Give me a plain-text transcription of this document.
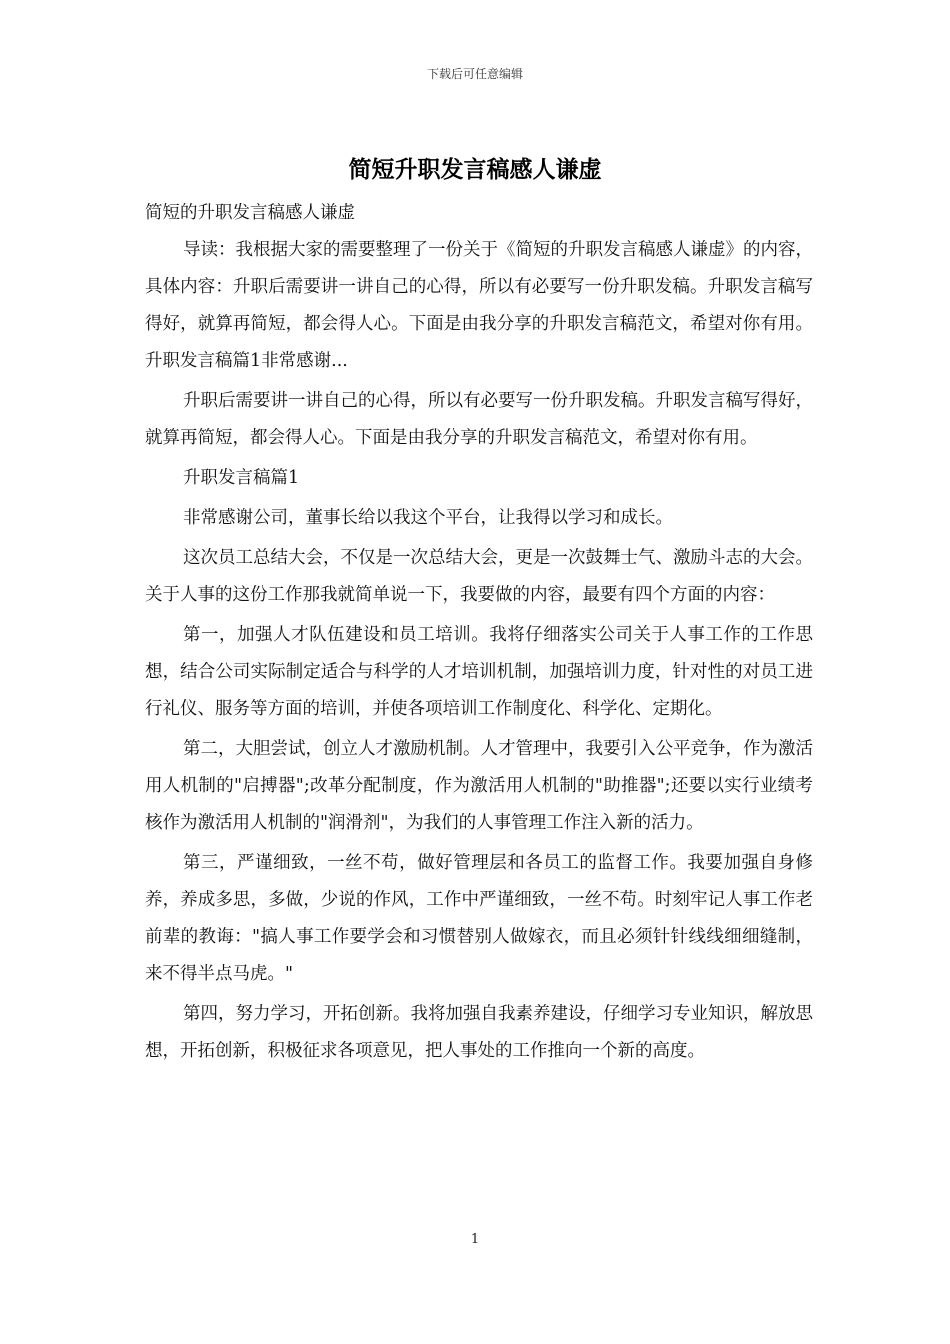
下载后可任意编辑
简短升职发言稿感人谦虚

简短的升职发言稿感人谦虚

导读：我根据大家的需要整理了一份关于《简短的升职发言稿感人谦虚》的内容，具体内容：升职后需要讲一讲自己的心得，所以有必要写一份升职发稿。升职发言稿写得好，就算再简短，都会得人心。下面是由我分享的升职发言稿范文，希望对你有用。升职发言稿篇1非常感谢...

升职后需要讲一讲自己的心得，所以有必要写一份升职发稿。升职发言稿写得好，就算再简短，都会得人心。下面是由我分享的升职发言稿范文，希望对你有用。

升职发言稿篇1

非常感谢公司，董事长给以我这个平台，让我得以学习和成长。

这次员工总结大会，不仅是一次总结大会，更是一次鼓舞士气、激励斗志的大会。关于人事的这份工作那我就简单说一下，我要做的内容，最要有四个方面的内容：

第一，加强人才队伍建设和员工培训。我将仔细落实公司关于人事工作的工作思想，结合公司实际制定适合与科学的人才培训机制，加强培训力度，针对性的对员工进行礼仪、服务等方面的培训，并使各项培训工作制度化、科学化、定期化。

第二，大胆尝试，创立人才激励机制。人才管理中，我要引入公平竞争，作为激活用人机制的"启搏器";改革分配制度，作为激活用人机制的"助推器";还要以实行业绩考核作为激活用人机制的"润滑剂"，为我们的人事管理工作注入新的活力。

第三，严谨细致，一丝不苟，做好管理层和各员工的监督工作。我要加强自身修养，养成多思，多做，少说的作风，工作中严谨细致，一丝不苟。时刻牢记人事工作老前辈的教诲："搞人事工作要学会和习惯替别人做嫁衣，而且必须针针线线细细缝制，来不得半点马虎。"

第四，努力学习，开拓创新。我将加强自我素养建设，仔细学习专业知识，解放思想，开拓创新，积极征求各项意见，把人事处的工作推向一个新的高度。

1
